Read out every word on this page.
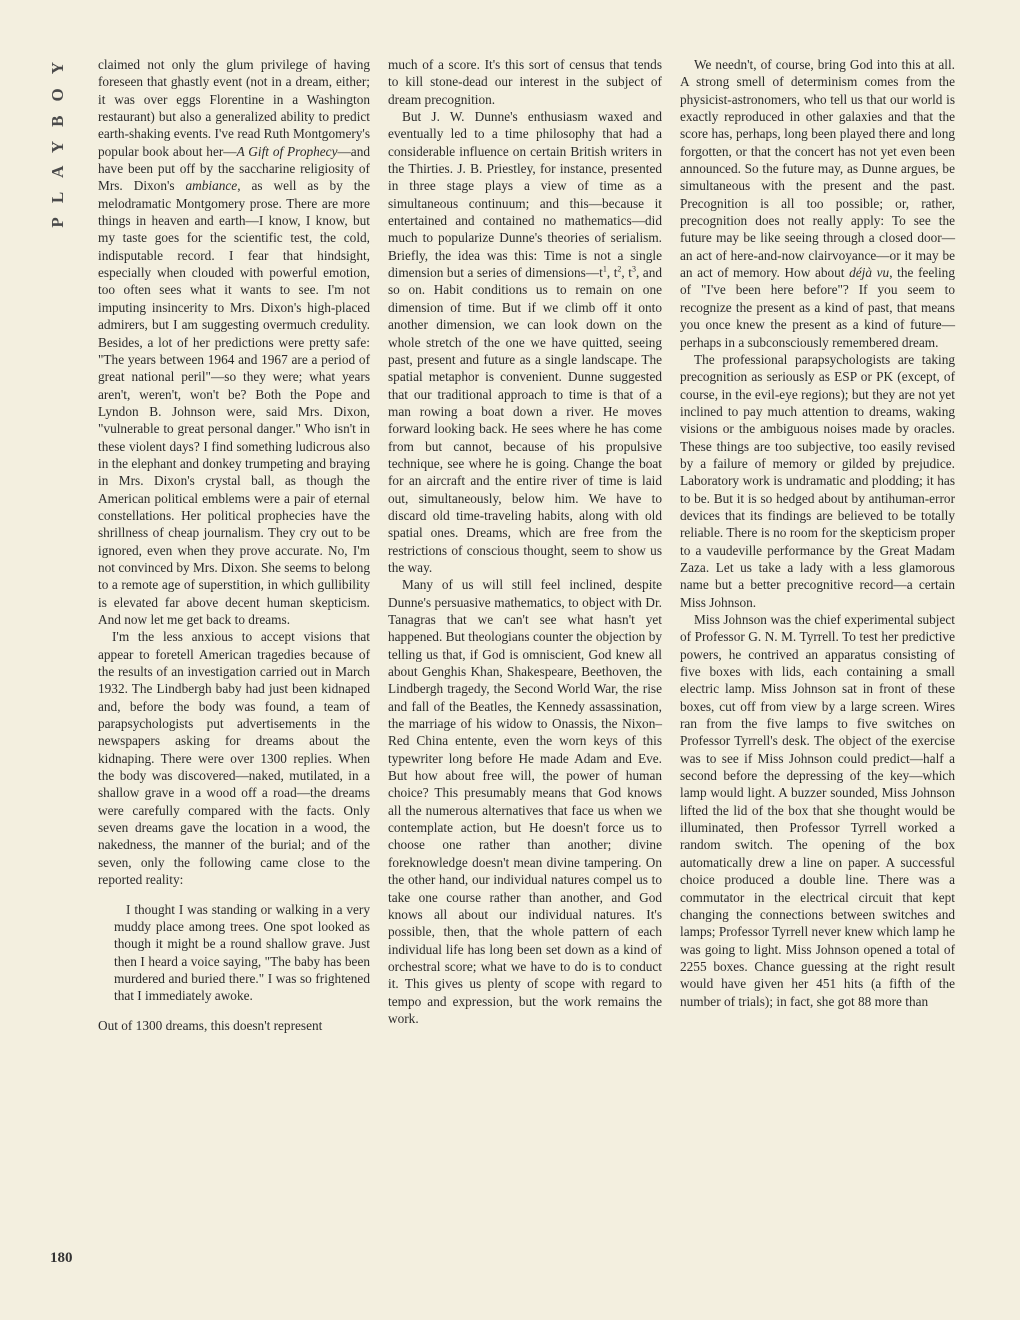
PLAYBOY
180

claimed not only the glum privilege of having foreseen that ghastly event (not in a dream, either; it was over eggs Florentine in a Washington restaurant) but also a generalized ability to predict earth-shaking events. I've read Ruth Montgomery's popular book about her—A Gift of Prophecy—and have been put off by the saccharine religiosity of Mrs. Dixon's ambiance, as well as by the melodramatic Montgomery prose. There are more things in heaven and earth—I know, I know, but my taste goes for the scientific test, the cold, indisputable record. I fear that hindsight, especially when clouded with powerful emotion, too often sees what it wants to see. I'm not imputing insincerity to Mrs. Dixon's high-placed admirers, but I am suggesting overmuch credulity. Besides, a lot of her predictions were pretty safe: "The years between 1964 and 1967 are a period of great national peril"—so they were; what years aren't, weren't, won't be? Both the Pope and Lyndon B. Johnson were, said Mrs. Dixon, "vulnerable to great personal danger." Who isn't in these violent days? I find something ludicrous also in the elephant and donkey trumpeting and braying in Mrs. Dixon's crystal ball, as though the American political emblems were a pair of eternal constellations. Her political prophecies have the shrillness of cheap journalism. They cry out to be ignored, even when they prove accurate. No, I'm not convinced by Mrs. Dixon. She seems to belong to a remote age of superstition, in which gullibility is elevated far above decent human skepticism. And now let me get back to dreams.

I'm the less anxious to accept visions that appear to foretell American tragedies because of the results of an investigation carried out in March 1932. The Lindbergh baby had just been kidnaped and, before the body was found, a team of parapsychologists put advertisements in the newspapers asking for dreams about the kidnaping. There were over 1300 replies. When the body was discovered—naked, mutilated, in a shallow grave in a wood off a road—the dreams were carefully compared with the facts. Only seven dreams gave the location in a wood, the nakedness, the manner of the burial; and of the seven, only the following came close to the reported reality:

I thought I was standing or walking in a very muddy place among trees. One spot looked as though it might be a round shallow grave. Just then I heard a voice saying, "The baby has been murdered and buried there." I was so frightened that I immediately awoke.

Out of 1300 dreams, this doesn't represent

much of a score. It's this sort of census that tends to kill stone-dead our interest in the subject of dream precognition.

But J. W. Dunne's enthusiasm waxed and eventually led to a time philosophy that had a considerable influence on certain British writers in the Thirties. J. B. Priestley, for instance, presented in three stage plays a view of time as a simultaneous continuum; and this—because it entertained and contained no mathematics—did much to popularize Dunne's theories of serialism. Briefly, the idea was this: Time is not a single dimension but a series of $dimensions—t^1$, $t^2$, $t^3$, and so on. Habit conditions us to remain on one dimension of time. But if we climb off it onto another dimension, we can look down on the whole stretch of the one we have quitted, seeing past, present and future as a single landscape. The spatial metaphor is convenient. Dunne suggested that our traditional approach to time is that of a man rowing a boat down a river. He moves forward looking back. He sees where he has come from but cannot, because of his propulsive technique, see where he is going. Change the boat for an aircraft and the entire river of time is laid out, simultaneously, below him. We have to discard old time-traveling habits, along with old spatial ones. Dreams, which are free from the restrictions of conscious thought, seem to show us the way.

Many of us will still feel inclined, despite Dunne's persuasive mathematics, to object with Dr. Tanagras that we can't see what hasn't yet happened. But theologians counter the objection by telling us that, if God is omniscient, God knew all about Genghis Khan, Shakespeare, Beethoven, the Lindbergh tragedy, the Second World War, the rise and fall of the Beatles, the Kennedy assassination, the marriage of his widow to Onassis, the Nixon–Red China entente, even the worn keys of this typewriter long before He made Adam and Eve. But how about free will, the power of human choice? This presumably means that God knows all the numerous alternatives that face us when we contemplate action, but He doesn't force us to choose one rather than another; divine foreknowledge doesn't mean divine tampering. On the other hand, our individual natures compel us to take one course rather than another, and God knows all about our individual natures. It's possible, then, that the whole pattern of each individual life has long been set down as a kind of orchestral score; what we have to do is to conduct it. This gives us plenty of scope with regard to tempo and expression, but the work remains the work.

We needn't, of course, bring God into this at all. A strong smell of determinism comes from the physicist-astronomers, who tell us that our world is exactly reproduced in other galaxies and that the score has, perhaps, long been played there and long forgotten, or that the concert has not yet even been announced. So the future may, as Dunne argues, be simultaneous with the present and the past. Precognition is all too possible; or, rather, precognition does not really apply: To see the future may be like seeing through a closed door—an act of here-and-now clairvoyance—or it may be an act of memory. How about déjà vu, the feeling of "I've been here before"? If you seem to recognize the present as a kind of past, that means you once knew the present as a kind of future—perhaps in a subconsciously remembered dream.

The professional parapsychologists are taking precognition as seriously as ESP or PK (except, of course, in the evil-eye regions); but they are not yet inclined to pay much attention to dreams, waking visions or the ambiguous noises made by oracles. These things are too subjective, too easily revised by a failure of memory or gilded by prejudice. Laboratory work is undramatic and plodding; it has to be. But it is so hedged about by antihuman-error devices that its findings are believed to be totally reliable. There is no room for the skepticism proper to a vaudeville performance by the Great Madam Zaza. Let us take a lady with a less glamorous name but a better precognitive record—a certain Miss Johnson.

Miss Johnson was the chief experimental subject of Professor G. N. M. Tyrrell. To test her predictive powers, he contrived an apparatus consisting of five boxes with lids, each containing a small electric lamp. Miss Johnson sat in front of these boxes, cut off from view by a large screen. Wires ran from the five lamps to five switches on Professor Tyrrell's desk. The object of the exercise was to see if Miss Johnson could predict—half a second before the depressing of the key—which lamp would light. A buzzer sounded, Miss Johnson lifted the lid of the box that she thought would be illuminated, then Professor Tyrrell worked a random switch. The opening of the box automatically drew a line on paper. A successful choice produced a double line. There was a commutator in the electrical circuit that kept changing the connections between switches and lamps; Professor Tyrrell never knew which lamp he was going to light. Miss Johnson opened a total of 2255 boxes. Chance guessing at the right result would have given her 451 hits (a fifth of the number of trials); in fact, she got 88 more than
